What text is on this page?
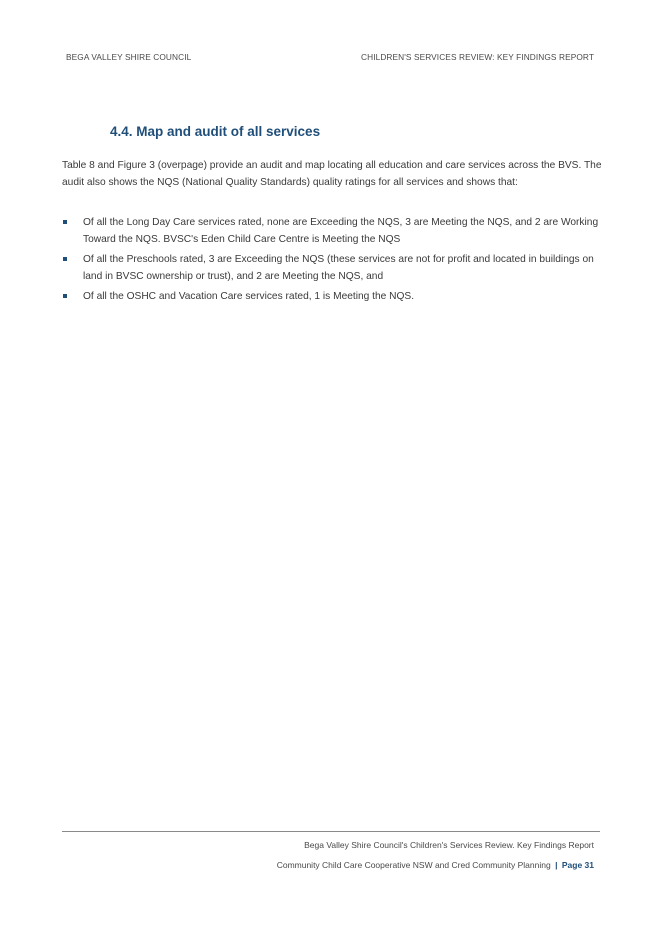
BEGA VALLEY SHIRE COUNCIL	CHILDREN'S SERVICES REVIEW: KEY FINDINGS REPORT
4.4. Map and audit of all services

Table 8 and Figure 3 (overpage) provide an audit and map locating all education and care services across the BVS. The audit also shows the NQS (National Quality Standards) quality ratings for all services and shows that:

Of all the Long Day Care services rated, none are Exceeding the NQS, 3 are Meeting the NQS, and 2 are Working Toward the NQS. BVSC's Eden Child Care Centre is Meeting the NQS
Of all the Preschools rated, 3 are Exceeding the NQS (these services are not for profit and located in buildings on land in BVSC ownership or trust), and 2 are Meeting the NQS, and
Of all the OSHC and Vacation Care services rated, 1 is Meeting the NQS.
Bega Valley Shire Council's Children's Services Review. Key Findings Report
Community Child Care Cooperative NSW and Cred Community Planning | Page 31
